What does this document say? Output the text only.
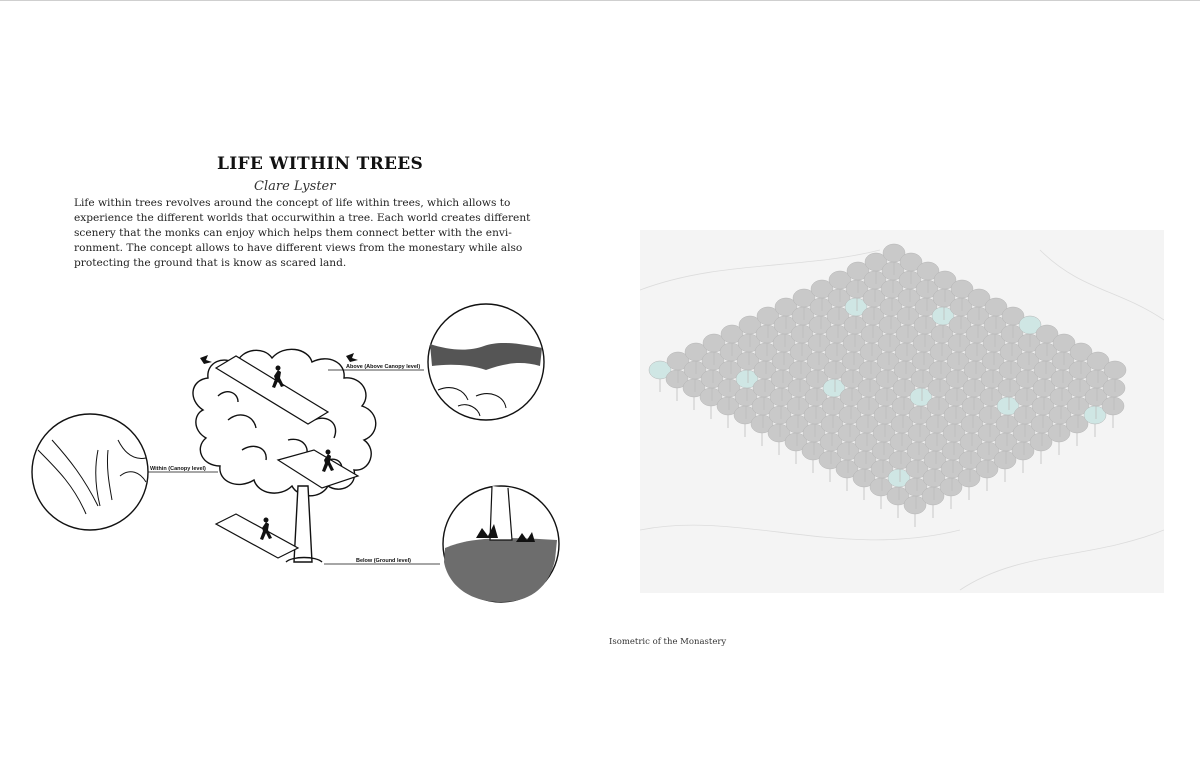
LIFE WITHIN TREES
Clare Lyster
Life within trees revolves around the concept of life within trees, which allows to
experience the different worlds that occurwithin a tree. Each world creates different
scenery that the monks can enjoy which helps them connect better with the envi-
ronment. The concept allows to have different views from the monestary while also
protecting the ground that is know as scared land.
Above (Above Canopy level)
Within (Canopy level)
Below (Ground level)
Isometric of the Monastery
